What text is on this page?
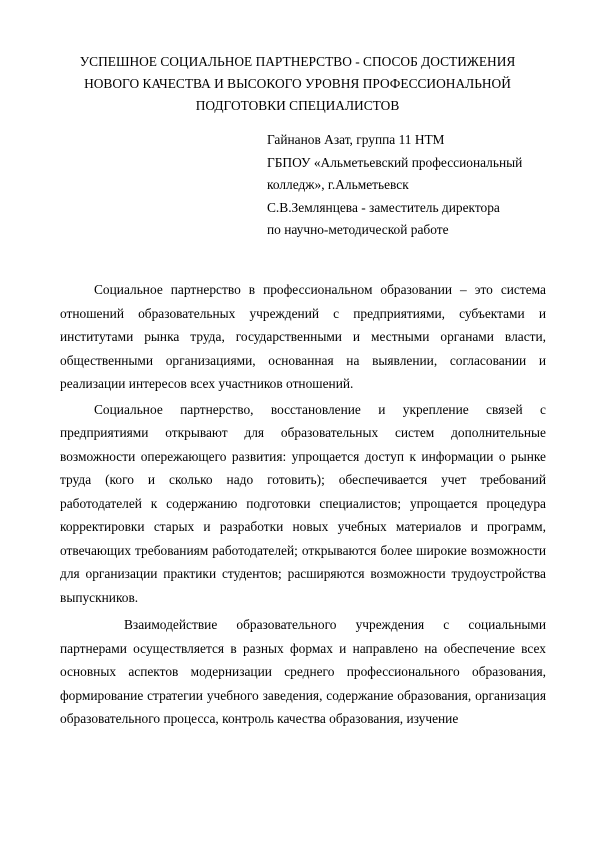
УСПЕШНОЕ СОЦИАЛЬНОЕ ПАРТНЕРСТВО - СПОСОБ ДОСТИЖЕНИЯ
НОВОГО КАЧЕСТВА И ВЫСОКОГО УРОВНЯ ПРОФЕССИОНАЛЬНОЙ
ПОДГОТОВКИ СПЕЦИАЛИСТОВ
Гайнанов Азат, группа 11 НТМ
ГБПОУ «Альметьевский профессиональный
колледж», г.Альметьевск
С.В.Землянцева - заместитель директора
по научно-методической работе

Социальное партнерство в профессиональном образовании – это система отношений образовательных учреждений с предприятиями, субъектами и институтами рынка труда, государственными и местными органами власти, общественными организациями, основанная на выявлении, согласовании и реализации интересов всех участников отношений.

Социальное партнерство, восстановление и укрепление связей с предприятиями открывают для образовательных систем дополнительные возможности опережающего развития: упрощается доступ к информации о рынке труда (кого и сколько надо готовить); обеспечивается учет требований работодателей к содержанию подготовки специалистов; упрощается процедура корректировки старых и разработки новых учебных материалов и программ, отвечающих требованиям работодателей; открываются более широкие возможности для организации практики студентов; расширяются возможности трудоустройства выпускников.

Взаимодействие образовательного учреждения с социальными партнерами осуществляется в разных формах и направлено на обеспечение всех основных аспектов модернизации среднего профессионального образования, формирование стратегии учебного заведения, содержание образования, организация образовательного процесса, контроль качества образования, изучение
